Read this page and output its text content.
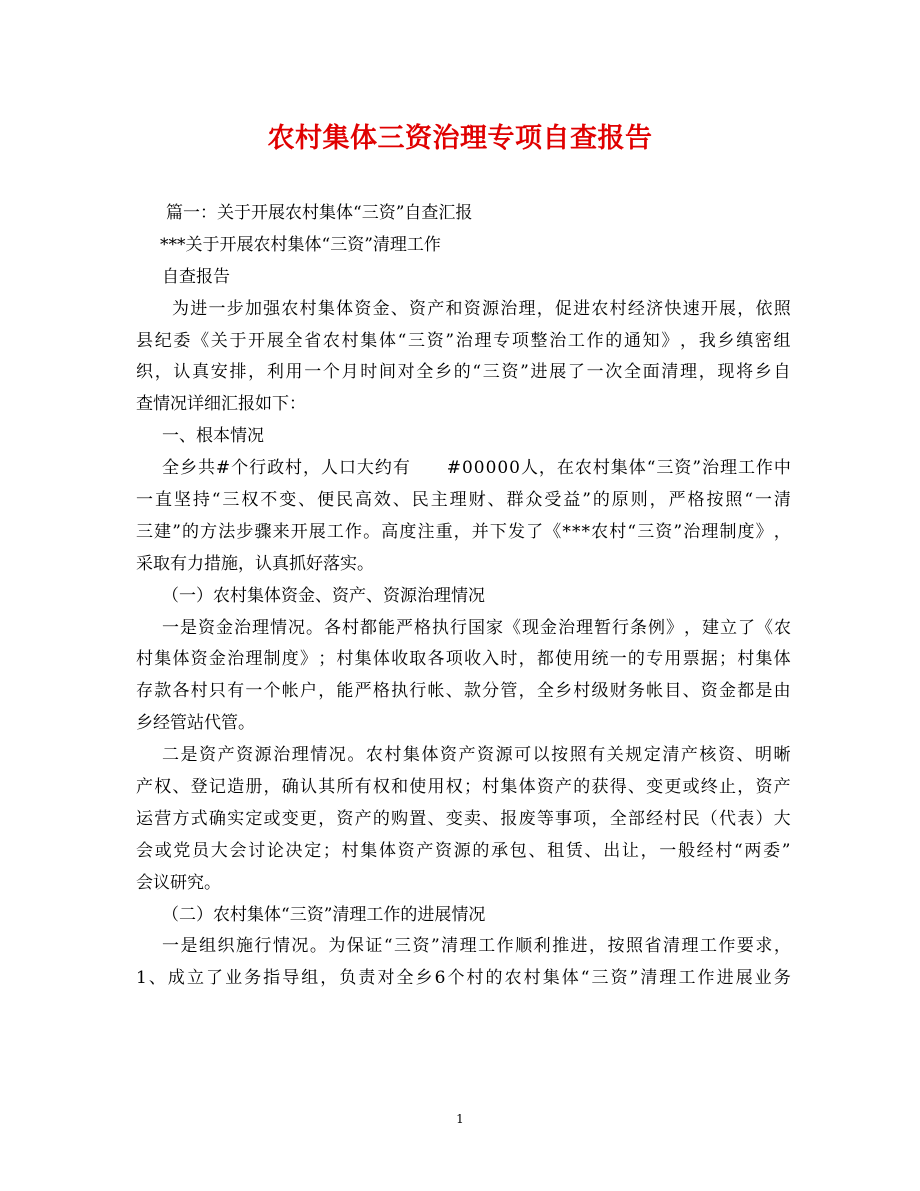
农村集体三资治理专项自查报告
篇一：关于开展农村集体“三资”自查汇报
***关于开展农村集体“三资”清理工作
自查报告
为 进 一 步 加 强 农 村 集 体 资 金 、 资 产 和 资 源 治 理 ， 促 进 农 村 经 济 快 速 开 展 ， 依 照
县 纪 委 《 关 于 开 展 全 省 农 村 集 体 “ 三 资 ” 治 理 专 项 整 治 工 作 的 通 知 》 ， 我 乡 缜 密 组
织 ， 认 真 安 排 ， 利 用 一 个 月 时 间 对 全 乡 的 “ 三 资 ” 进 展 了 一 次 全 面 清 理 ， 现 将 乡 自
查情况详细汇报如下：
一、根本情况
全 乡 共 # 个 行 政 村 ， 人 口 大 约 有

　 # 0 0 0 0 0 人 ， 在 农 村 集 体 “ 三 资 ” 治 理 工 作 中
一 直 坚 持 “ 三 权 不 变 、 便 民 高 效 、 民 主 理 财 、 群 众 受 益 ” 的 原 则 ， 严 格 按 照 “ 一 清
三 建 ” 的 方 法 步 骤 来 开 展 工 作 。 高 度 注 重 ， 并 下 发 了 《 * * * 农 村 “ 三 资 ” 治 理 制 度 》 ，
采取有力措施，认真抓好落实。
（一）农村集体资金、资产、资源治理情况
一 是 资 金 治 理 情 况 。 各 村 都 能 严 格 执 行 国 家 《 现 金 治 理 暂 行 条 例 》 ， 建 立 了 《 农
村 集 体 资 金 治 理 制 度 》 ； 村 集 体 收 取 各 项 收 入 时 ， 都 使 用 统 一 的 专 用 票 据 ； 村 集 体
存 款 各 村 只 有 一 个 帐 户 ， 能 严 格 执 行 帐 、 款 分 管 ， 全 乡 村 级 财 务 帐 目 、 资 金 都 是 由
乡经管站代管。
二 是 资 产 资 源 治 理 情 况 。 农 村 集 体 资 产 资 源 可 以 按 照 有 关 规 定 清 产 核 资 、 明 晰
产 权 、 登 记 造 册 ， 确 认 其 所 有 权 和 使 用 权 ； 村 集 体 资 产 的 获 得 、 变 更 或 终 止 ， 资 产
运 营 方 式 确 实 定 或 变 更 ， 资 产 的 购 置 、 变 卖 、 报 废 等 事 项 ， 全 部 经 村 民 （ 代 表 ） 大
会 或 党 员 大 会 讨 论 决 定 ； 村 集 体 资 产 资 源 的 承 包 、 租 赁 、 出 让 ， 一 般 经 村 “ 两 委 ”
会议研究。
（二）农村集体“三资”清理工作的进展情况
一 是 组 织 施 行 情 况 。 为 保 证 “ 三 资 ” 清 理 工 作 顺 利 推 进 ， 按 照 省 清 理 工 作 要 求 ，
1 、 成 立 了 业 务 指 导 组 ， 负 责 对 全 乡 6 个 村 的 农 村 集 体 “ 三 资 ” 清 理 工 作 进 展 业 务
1
